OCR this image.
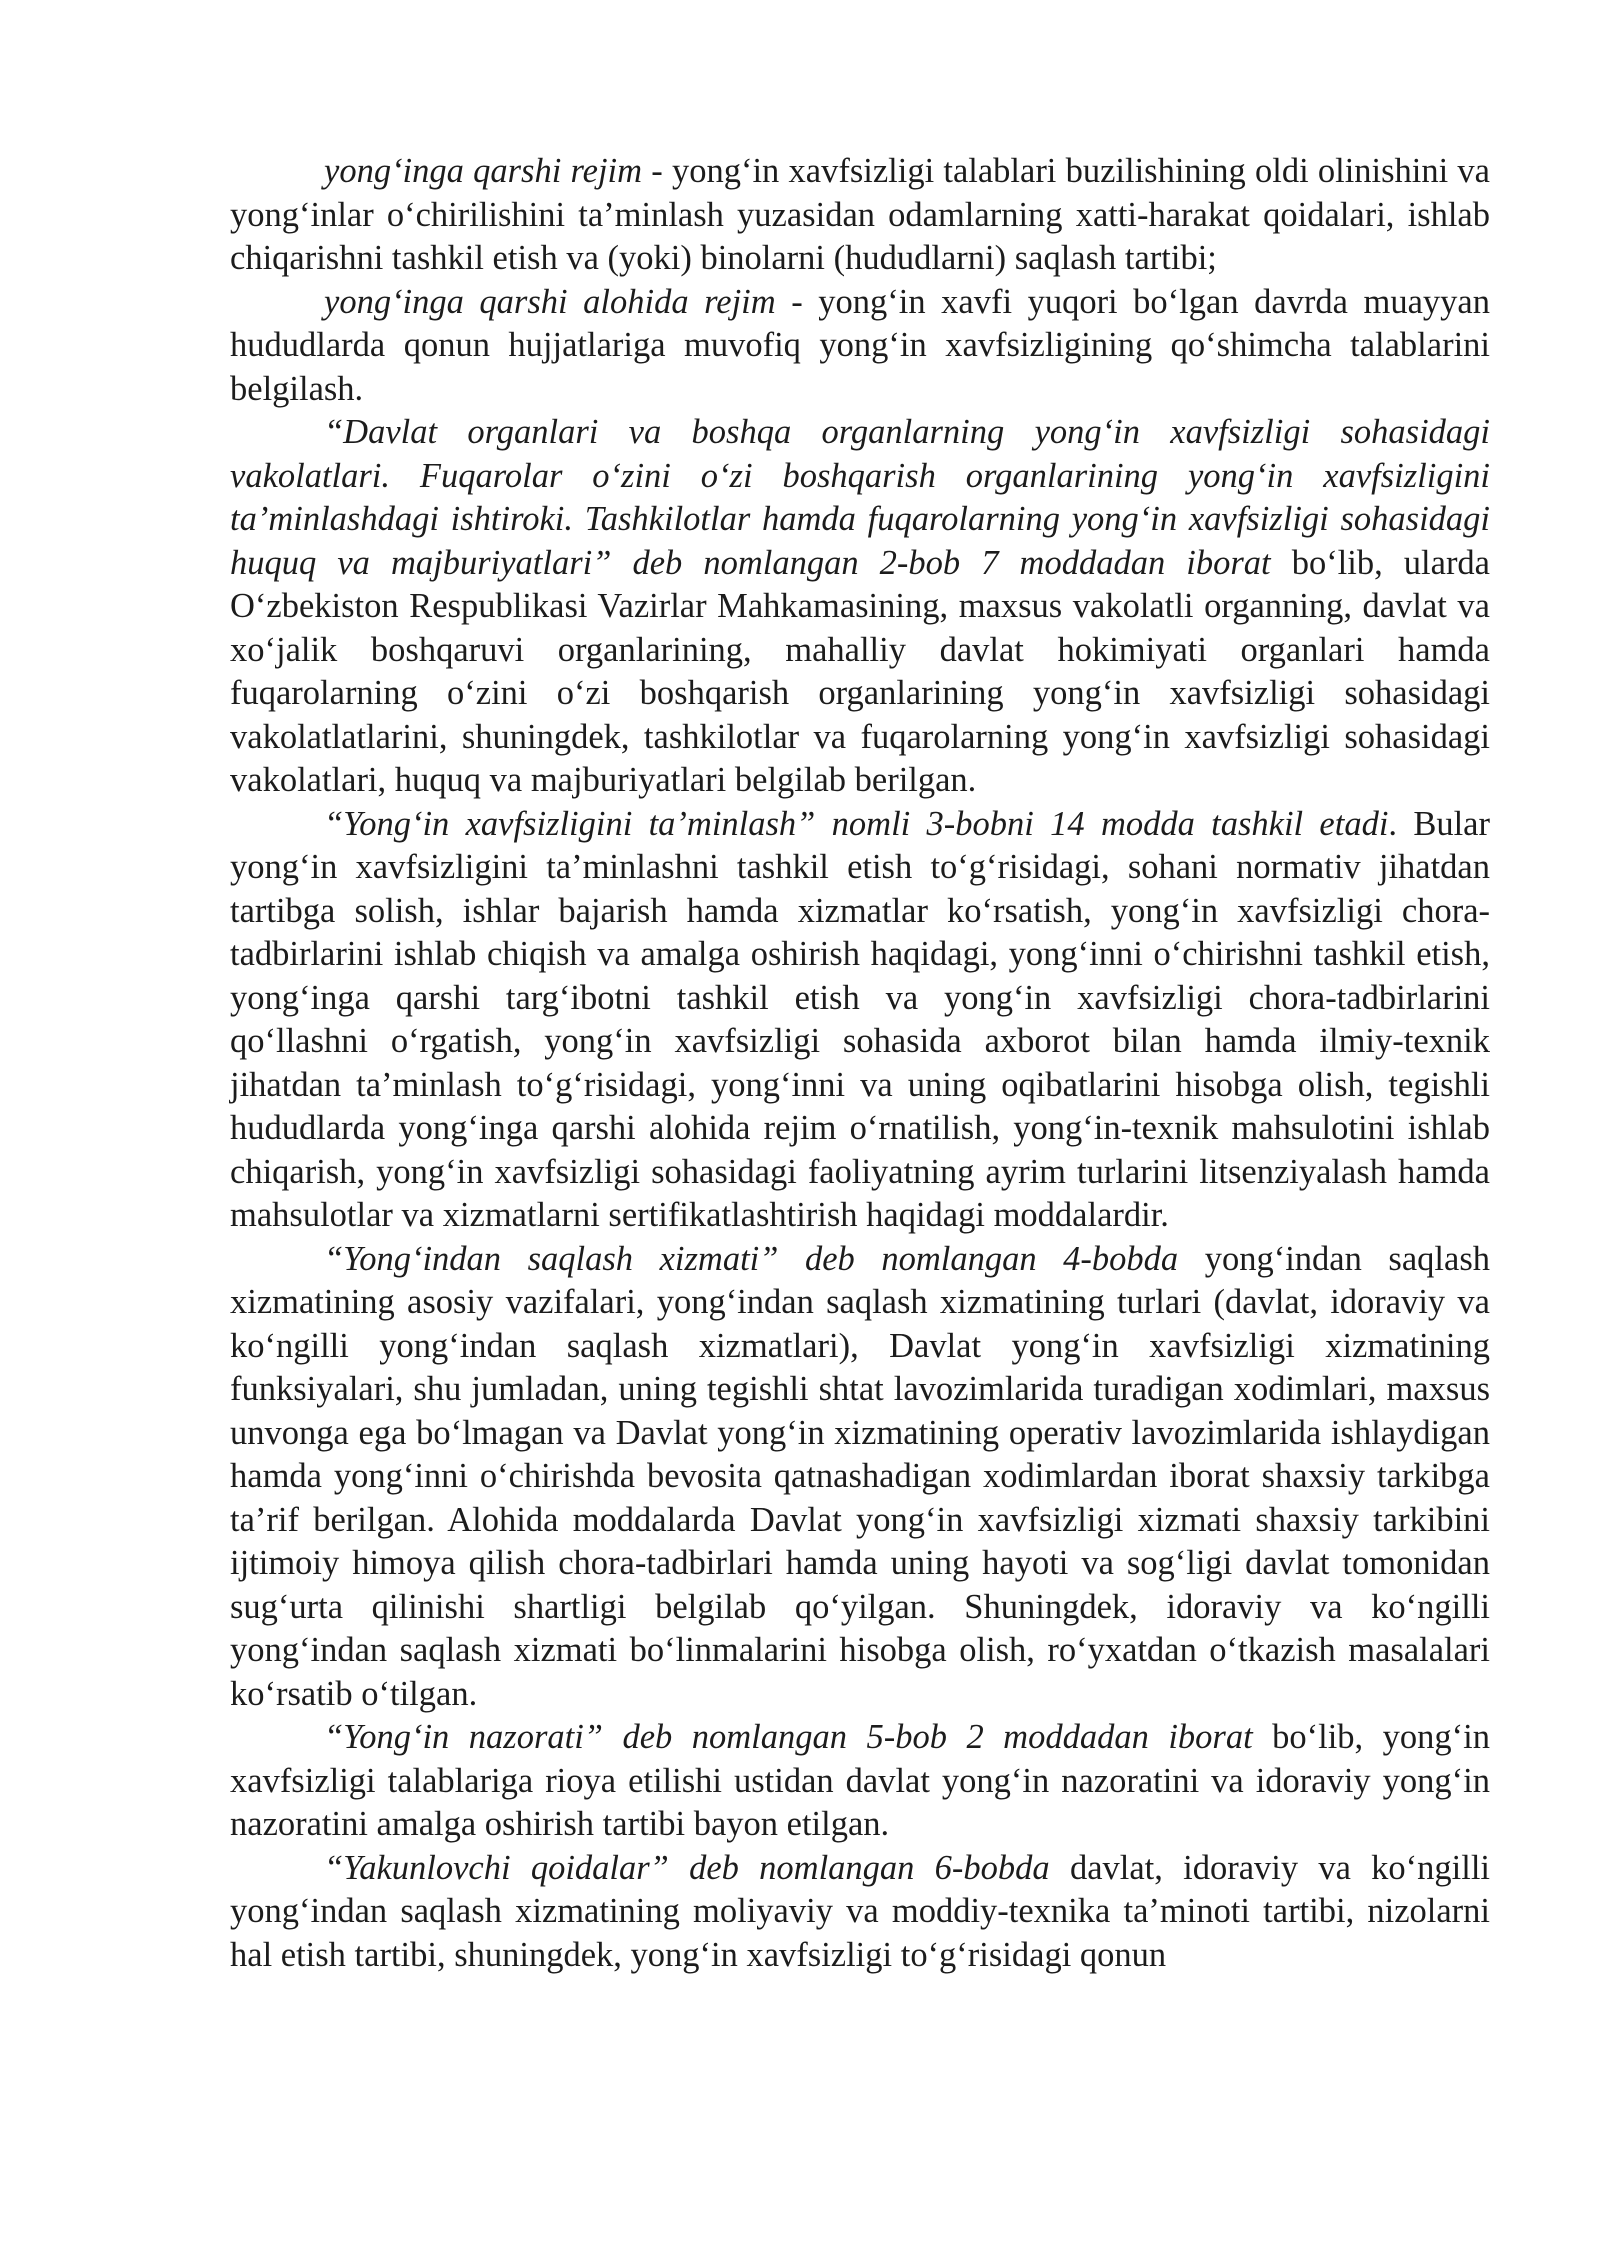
yong‘inga qarshi rejim - yong‘in xavfsizligi talablari buzilishining oldi olinishini va yong‘inlar o‘chirilishini ta’minlash yuzasidan odamlarning xatti-harakat qoidalari, ishlab chiqarishni tashkil etish va (yoki) binolarni (hududlarni) saqlash tartibi;

yong‘inga qarshi alohida rejim - yong‘in xavfi yuqori bo‘lgan davrda muayyan hududlarda qonun hujjatlariga muvofiq yong‘in xavfsizligining qo‘shimcha talablarini belgilash.

“Davlat organlari va boshqa organlarning yong‘in xavfsizligi sohasidagi vakolatlari. Fuqarolar o‘zini o‘zi boshqarish organlarining yong‘in xavfsizligini ta’minlashdagi ishtiroki. Tashkilotlar hamda fuqarolarning yong‘in xavfsizligi sohasidagi huquq va majburiyatlari” deb nomlangan 2-bob 7 moddadan iborat bo‘lib, ularda O‘zbekiston Respublikasi Vazirlar Mahkamasining, maxsus vakolatli organning, davlat va xo‘jalik boshqaruvi organlarining, mahalliy davlat hokimiyati organlari hamda fuqarolarning o‘zini o‘zi boshqarish organlarining yong‘in xavfsizligi sohasidagi vakolatlatlarini, shuningdek, tashkilotlar va fuqarolarning yong‘in xavfsizligi sohasidagi vakolatlari, huquq va majburiyatlari belgilab berilgan.

“Yong‘in xavfsizligini ta’minlash” nomli 3-bobni 14 modda tashkil etadi. Bular yong‘in xavfsizligini ta’minlashni tashkil etish to‘g‘risidagi, sohani normativ jihatdan tartibga solish, ishlar bajarish hamda xizmatlar ko‘rsatish, yong‘in xavfsizligi chora-tadbirlarini ishlab chiqish va amalga oshirish haqidagi, yong‘inni o‘chirishni tashkil etish, yong‘inga qarshi targ‘ibotni tashkil etish va yong‘in xavfsizligi chora-tadbirlarini qo‘llashni o‘rgatish, yong‘in xavfsizligi sohasida axborot bilan hamda ilmiy-texnik jihatdan ta’minlash to‘g‘risidagi, yong‘inni va uning oqibatlarini hisobga olish, tegishli hududlarda yong‘inga qarshi alohida rejim o‘rnatilish, yong‘in-texnik mahsulotini ishlab chiqarish, yong‘in xavfsizligi sohasidagi faoliyatning ayrim turlarini litsenziyalash hamda mahsulotlar va xizmatlarni sertifikatlashtirish haqidagi moddalardir.

“Yong‘indan saqlash xizmati” deb nomlangan 4-bobda yong‘indan saqlash xizmatining asosiy vazifalari, yong‘indan saqlash xizmatining turlari (davlat, idoraviy va ko‘ngilli yong‘indan saqlash xizmatlari), Davlat yong‘in xavfsizligi xizmatining funksiyalari, shu jumladan, uning tegishli shtat lavozimlarida turadigan xodimlari, maxsus unvonga ega bo‘lmagan va Davlat yong‘in xizmatining operativ lavozimlarida ishlaydigan hamda yong‘inni o‘chirishda bevosita qatnashadigan xodimlardan iborat shaxsiy tarkibga ta’rif berilgan. Alohida moddalarda Davlat yong‘in xavfsizligi xizmati shaxsiy tarkibini ijtimoiy himoya qilish chora-tadbirlari hamda uning hayoti va sog‘ligi davlat tomonidan sug‘urta qilinishi shartligi belgilab qo‘yilgan. Shuningdek, idoraviy va ko‘ngilli yong‘indan saqlash xizmati bo‘linmalarini hisobga olish, ro‘yxatdan o‘tkazish masalalari ko‘rsatib o‘tilgan.

“Yong‘in nazorati” deb nomlangan 5-bob 2 moddadan iborat bo‘lib, yong‘in xavfsizligi talablariga rioya etilishi ustidan davlat yong‘in nazoratini va idoraviy yong‘in nazoratini amalga oshirish tartibi bayon etilgan.

“Yakunlovchi qoidalar” deb nomlangan 6-bobda davlat, idoraviy va ko‘ngilli yong‘indan saqlash xizmatining moliyaviy va moddiy-texnika ta’minoti tartibi, nizolarni hal etish tartibi, shuningdek, yong‘in xavfsizligi to‘g‘risidagi qonun
